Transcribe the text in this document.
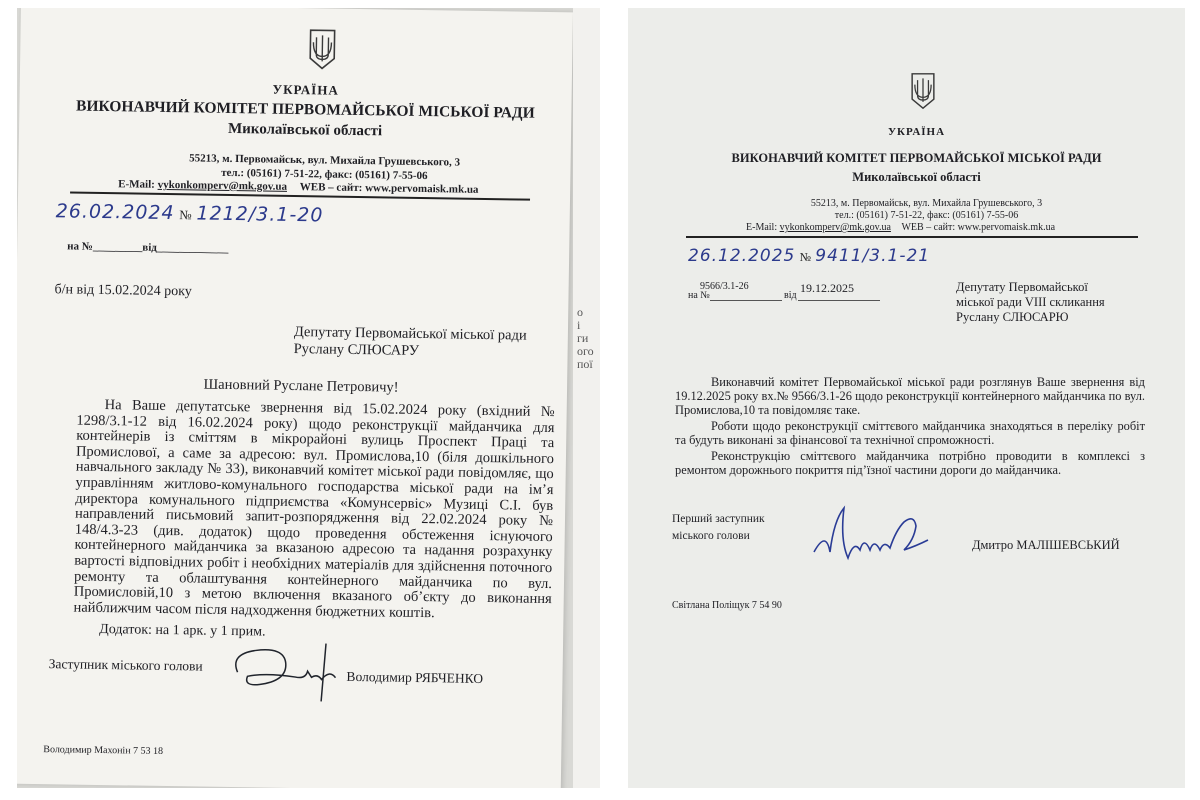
УКРАЇНА
ВИКОНАВЧИЙ КОМІТЕТ ПЕРВОМАЙСЬКОЇ МІСЬКОЇ РАДИ
Миколаївської області
55213, м. Первомайськ, вул. Михайла Грушевського, 3
тел.: (05161) 7-51-22, факс: (05161) 7-55-06
E-Mail: vykonkomperv@mk.gov.ua WEB – сайт: www.pervomaisk.mk.ua
26.02.2024 № 1212/3.1-20
на №_________від_____________
б/н від 15.02.2024 року
Депутату Первомайської міської ради
Руслану СЛЮСАРУ
Шановний Руслане Петровичу!
На Ваше депутатське звернення від 15.02.2024 року (вхідний № 1298/3.1-12 від 16.02.2024 року) щодо реконструкції майданчика для контейнерів із сміттям в мікрорайоні вулиць Проспект Праці та Промислової, а саме за адресою: вул. Промислова,10 (біля дошкільного навчального закладу № 33), виконавчий комітет міської ради повідомляє, що управлінням житлово-комунального господарства міської ради на ім’я директора комунального підприємства «Комунсервіс» Музиці С.І. був направлений письмовий запит-розпорядження від 22.02.2024 року № 148/4.3-23 (див. додаток) щодо проведення обстеження існуючого контейнерного майданчика за вказаною адресою та надання розрахунку вартості відповідних робіт і необхідних матеріалів для здійснення поточного ремонту та облаштування контейнерного майданчика по вул. Промисловій,10 з метою включення вказаного об’єкту до виконання найближчим часом після надходження бюджетних коштів.
Додаток: на 1 арк. у 1 прим.
Заступник міського голови
Володимир РЯБЧЕНКО
Володимир Махонін 7 53 18
о
і
ги
ого
пої
УКРАЇНА
ВИКОНАВЧИЙ КОМІТЕТ ПЕРВОМАЙСЬКОЇ МІСЬКОЇ РАДИ
Миколаївської області
55213, м. Первомайськ, вул. Михайла Грушевського, 3
тел.: (05161) 7-51-22, факс: (05161) 7-55-06
E-Mail: vykonkomperv@mk.gov.ua WEB – сайт: www.pervomaisk.mk.ua
26.12.2025 № 9411/3.1-21
9566/3.1-26
на №	від
19.12.2025	Депутату Первомайської
міської ради VIII скликання
Руслану СЛЮСАРЮ
Виконавчий комітет Первомайської міської ради розглянув Ваше звернення від 19.12.2025 року вх.№ 9566/3.1-26 щодо реконструкції контейнерного майданчика по вул. Промислова,10 та повідомляє таке.
Роботи щодо реконструкції сміттєвого майданчика знаходяться в переліку робіт та будуть виконані за фінансової та технічної спроможності.
Реконструкцію сміттєвого майданчика потрібно проводити в комплексі з ремонтом дорожнього покриття під’їзної частини дороги до майданчика.
Перший заступник
міського голови
Дмитро МАЛІШЕВСЬКИЙ
Світлана Поліщук 7 54 90
